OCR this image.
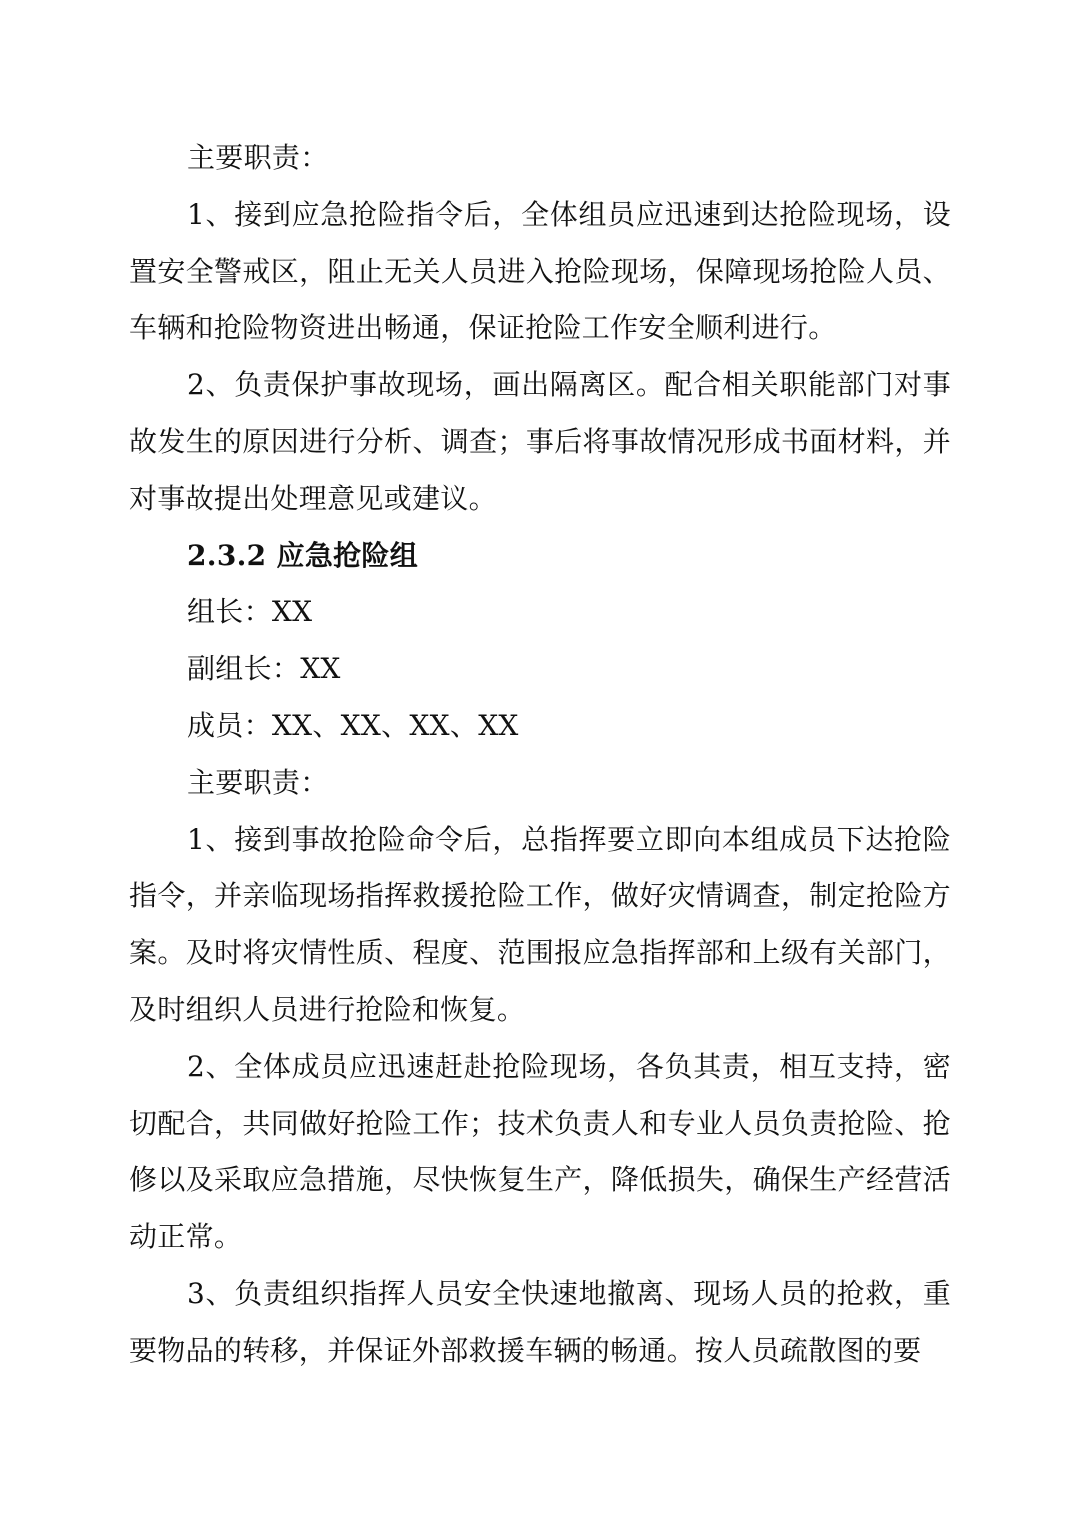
主要职责：

1、接到应急抢险指令后，全体组员应迅速到达抢险现场，设置安全警戒区，阻止无关人员进入抢险现场，保障现场抢险人员、车辆和抢险物资进出畅通，保证抢险工作安全顺利进行。

2、负责保护事故现场，画出隔离区。配合相关职能部门对事故发生的原因进行分析、调查；事后将事故情况形成书面材料，并对事故提出处理意见或建议。

2.3.2 应急抢险组

组长：XX

副组长：XX

成员：XX、XX、XX、XX

主要职责：

1、接到事故抢险命令后，总指挥要立即向本组成员下达抢险指令，并亲临现场指挥救援抢险工作，做好灾情调查，制定抢险方案。及时将灾情性质、程度、范围报应急指挥部和上级有关部门，及时组织人员进行抢险和恢复。

2、全体成员应迅速赶赴抢险现场，各负其责，相互支持，密切配合，共同做好抢险工作；技术负责人和专业人员负责抢险、抢修以及采取应急措施，尽快恢复生产，降低损失，确保生产经营活动正常。

3、负责组织指挥人员安全快速地撤离、现场人员的抢救，重要物品的转移，并保证外部救援车辆的畅通。按人员疏散图的要
